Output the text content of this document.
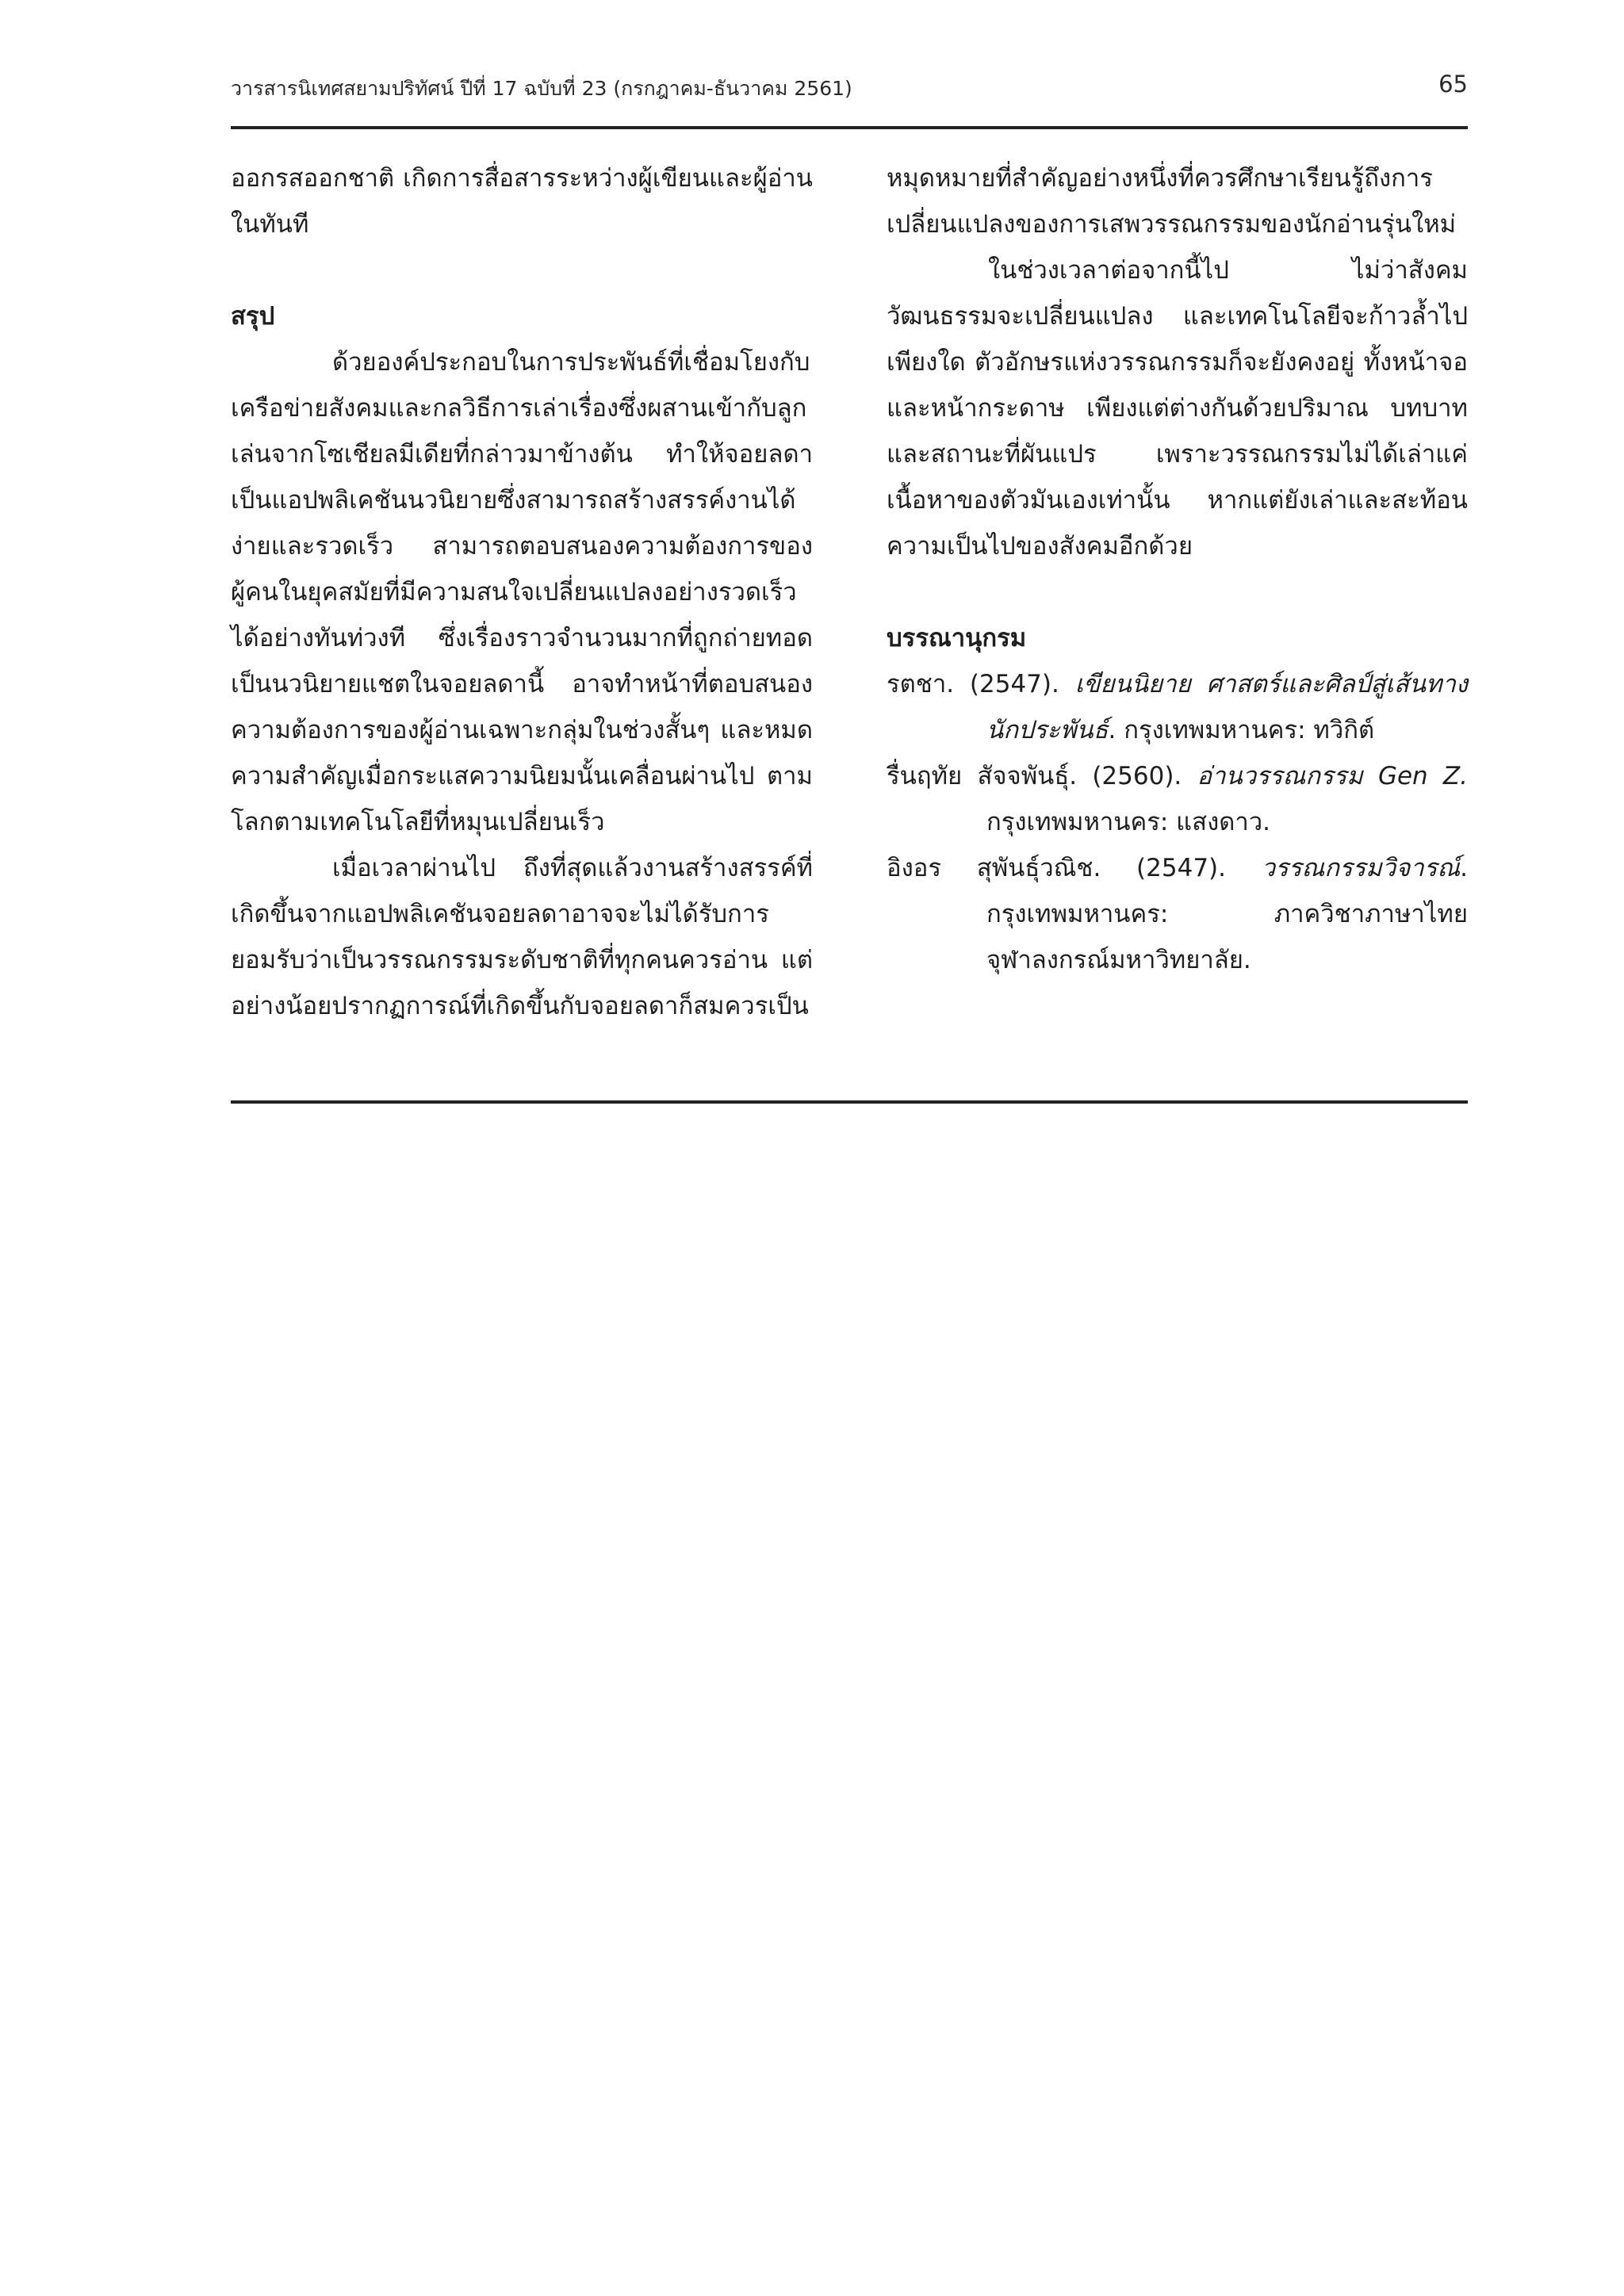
วารสารนิเทศสยามปริทัศน์ ปีที่ 17 ฉบับที่ 23 (กรกฎาคม-ธันวาคม 2561)	65

ออกรสออกชาติ เกิดการสื่อสารระหว่างผู้เขียนและผู้อ่านในทันที

สรุป

ด้วยองค์ประกอบในการประพันธ์ที่เชื่อมโยงกับเครือข่ายสังคมและกลวิธีการเล่าเรื่องซึ่งผสานเข้ากับลูกเล่นจากโซเชียลมีเดียที่กล่าวมาข้างต้น ทำให้จอยลดาเป็นแอปพลิเคชันนวนิยายซึ่งสามารถสร้างสรรค์งานได้ง่ายและรวดเร็ว สามารถตอบสนองความต้องการของผู้คนในยุคสมัยที่มีความสนใจเปลี่ยนแปลงอย่างรวดเร็วได้อย่างทันท่วงที ซึ่งเรื่องราวจำนวนมากที่ถูกถ่ายทอดเป็นนวนิยายแชตในจอยลดานี้ อาจทำหน้าที่ตอบสนอง ความต้องการของผู้อ่านเฉพาะกลุ่มในช่วงสั้นๆ และหมดความสำคัญเมื่อกระแสความนิยมนั้นเคลื่อนผ่านไป ตามโลกตามเทคโนโลยีที่หมุนเปลี่ยนเร็ว

เมื่อเวลาผ่านไป ถึงที่สุดแล้วงานสร้างสรรค์ที่เกิดขึ้นจากแอปพลิเคชันจอยลดาอาจจะไม่ได้รับการยอมรับว่าเป็นวรรณกรรมระดับชาติที่ทุกคนควรอ่าน แต่อย่างน้อยปรากฏการณ์ที่เกิดขึ้นกับจอยลดาก็สมควรเป็น

หมุดหมายที่สำคัญอย่างหนึ่งที่ควรศึกษาเรียนรู้ถึงการเปลี่ยนแปลงของการเสพวรรณกรรมของนักอ่านรุ่นใหม่

ในช่วงเวลาต่อจากนี้ไป ไม่ว่าสังคม วัฒนธรรมจะเปลี่ยนแปลง และเทคโนโลยีจะก้าวล้ำไปเพียงใด ตัวอักษรแห่งวรรณกรรมก็จะยังคงอยู่ ทั้งหน้าจอและหน้ากระดาษ เพียงแต่ต่างกันด้วยปริมาณ บทบาท และสถานะที่ผันแปร เพราะวรรณกรรมไม่ได้เล่าแค่เนื้อหาของตัวมันเองเท่านั้น หากแต่ยังเล่าและสะท้อนความเป็นไปของสังคมอีกด้วย

บรรณานุกรม

รตชา. (2547). เขียนนิยาย ศาสตร์และศิลป์สู่เส้นทางนักประพันธ์. กรุงเทพมหานคร: ทวิกิต์

รื่นฤทัย สัจจพันธุ์. (2560). อ่านวรรณกรรม Gen Z. กรุงเทพมหานคร: แสงดาว.

อิงอร สุพันธุ์วณิช. (2547). วรรณกรรมวิจารณ์. กรุงเทพมหานคร: ภาควิชาภาษาไทย จุฬาลงกรณ์มหาวิทยาลัย.
